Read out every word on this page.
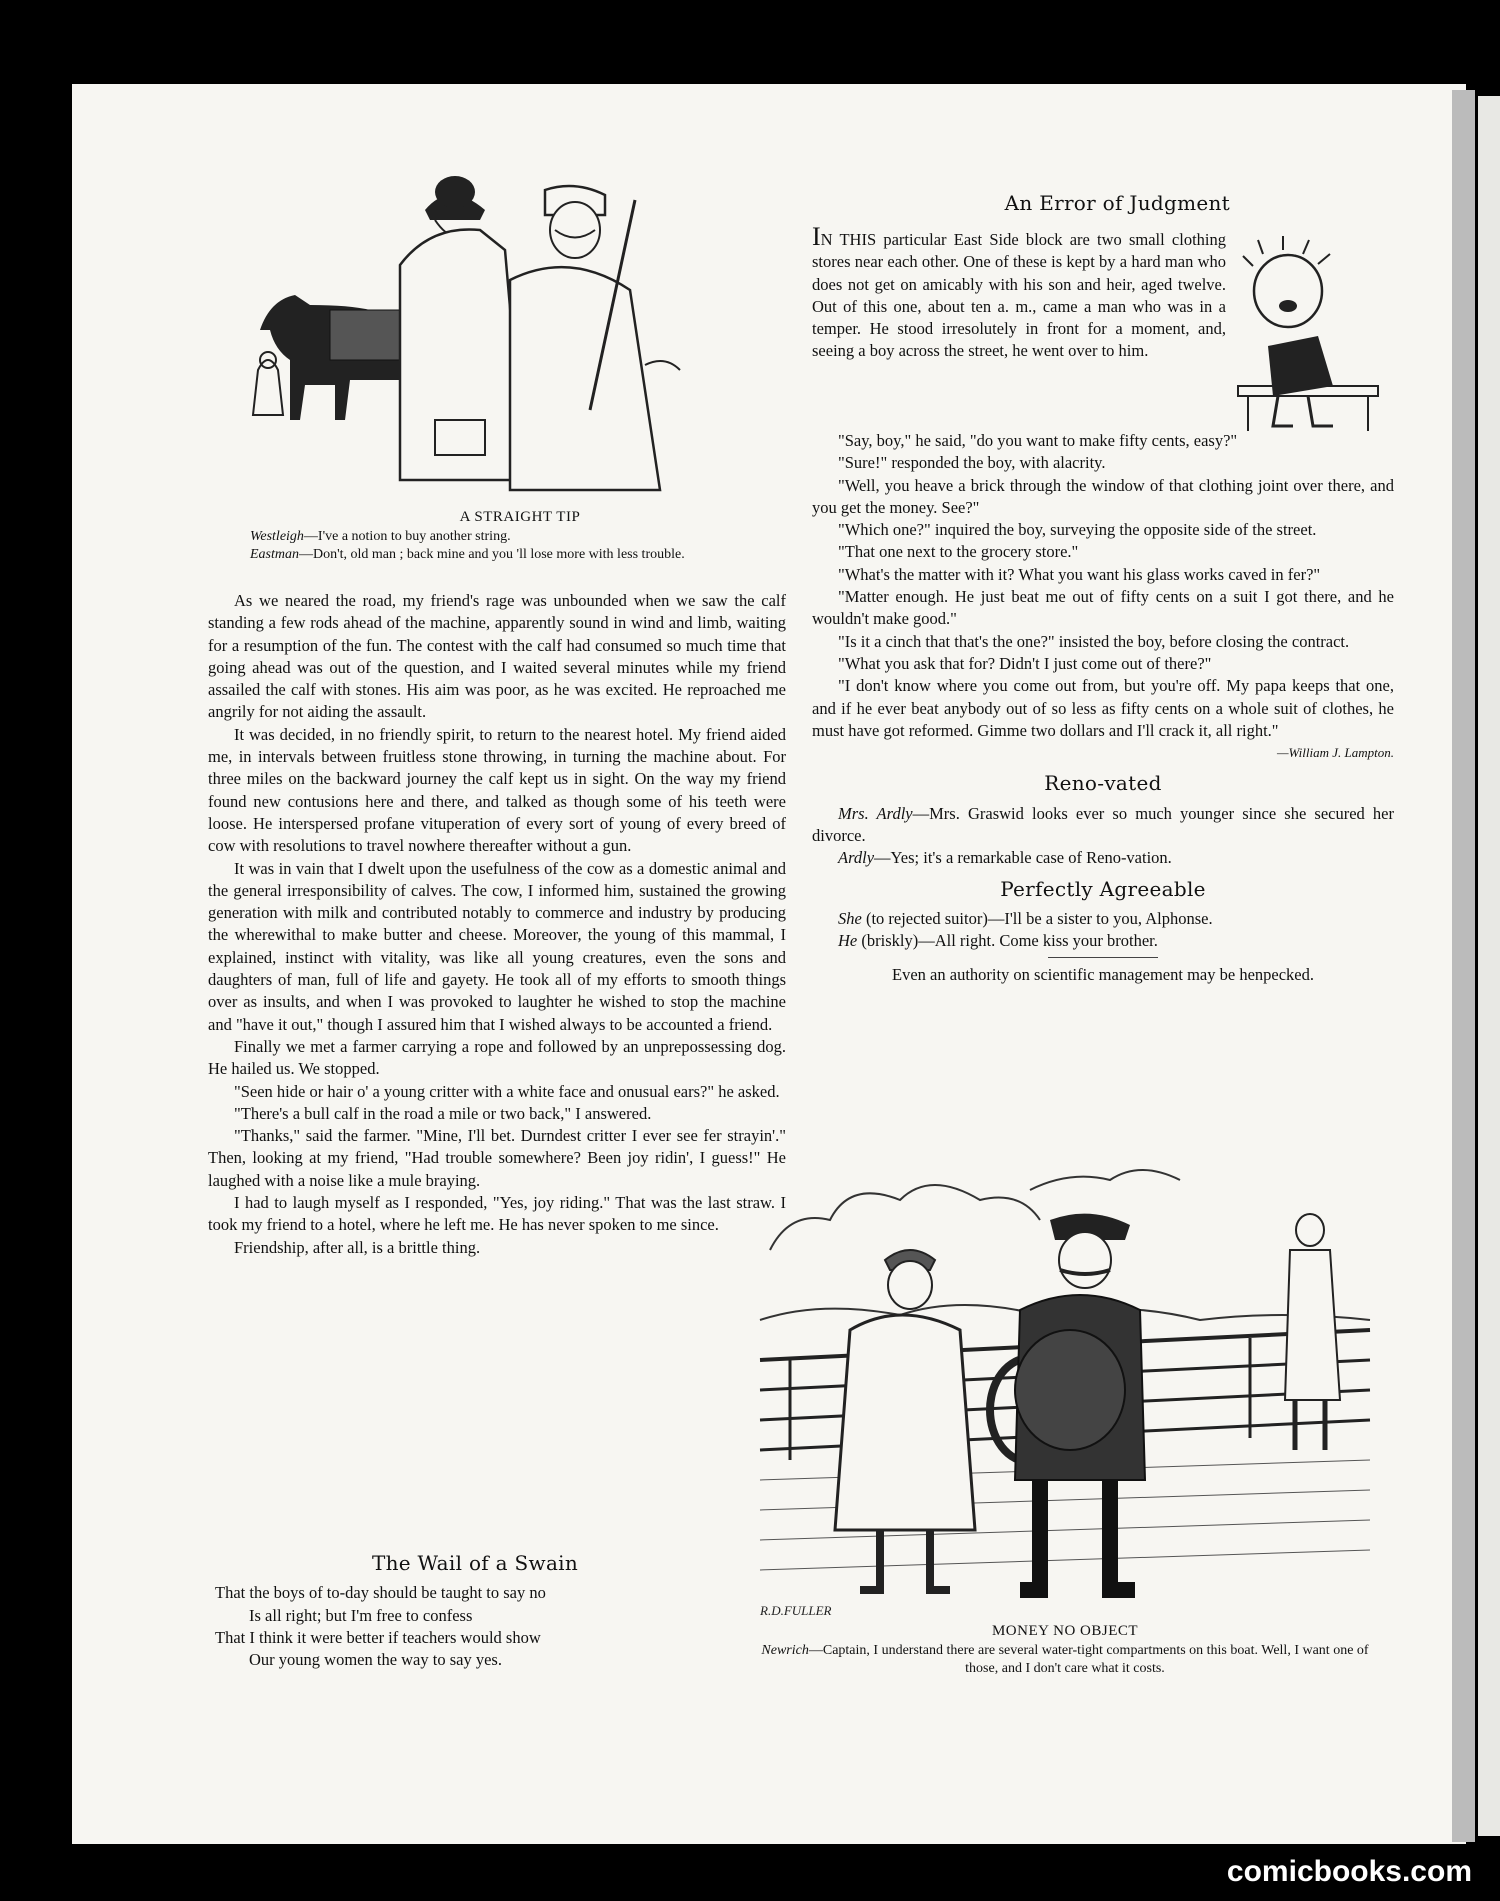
A STRAIGHT TIP
Westleigh—I've a notion to buy another string.
Eastman—Don't, old man ; back mine and you 'll lose more with less trouble.

As we neared the road, my friend's rage was unbounded when we saw the calf standing a few rods ahead of the machine, apparently sound in wind and limb, waiting for a resumption of the fun. The contest with the calf had consumed so much time that going ahead was out of the question, and I waited several minutes while my friend assailed the calf with stones. His aim was poor, as he was excited. He reproached me angrily for not aiding the assault.

It was decided, in no friendly spirit, to return to the nearest hotel. My friend aided me, in intervals between fruitless stone throwing, in turning the machine about. For three miles on the backward journey the calf kept us in sight. On the way my friend found new contusions here and there, and talked as though some of his teeth were loose. He interspersed profane vituperation of every sort of young of every breed of cow with resolutions to travel nowhere thereafter without a gun.

It was in vain that I dwelt upon the usefulness of the cow as a domestic animal and the general irresponsibility of calves. The cow, I informed him, sustained the growing generation with milk and contributed notably to commerce and industry by producing the wherewithal to make butter and cheese. Moreover, the young of this mammal, I explained, instinct with vitality, was like all young creatures, even the sons and daughters of man, full of life and gayety. He took all of my efforts to smooth things over as insults, and when I was provoked to laughter he wished to stop the machine and "have it out," though I assured him that I wished always to be accounted a friend.

Finally we met a farmer carrying a rope and followed by an unprepossessing dog. He hailed us. We stopped.

"Seen hide or hair o' a young critter with a white face and onusual ears?" he asked.

"There's a bull calf in the road a mile or two back," I answered.

"Thanks," said the farmer. "Mine, I'll bet. Durndest critter I ever see fer strayin'." Then, looking at my friend, "Had trouble somewhere? Been joy ridin', I guess!" He laughed with a noise like a mule braying.

I had to laugh myself as I responded, "Yes, joy riding." That was the last straw. I took my friend to a hotel, where he left me. He has never spoken to me since.

Friendship, after all, is a brittle thing.

The Wail of a Swain

That the boys of to-day should be taught to say no

Is all right; but I'm free to confess

That I think it were better if teachers would show

Our young women the way to say yes.

An Error of Judgment

IN THIS particular East Side block are two small clothing stores near each other. One of these is kept by a hard man who does not get on amicably with his son and heir, aged twelve. Out of this one, about ten a. m., came a man who was in a temper. He stood irresolutely in front for a moment, and, seeing a boy across the street, he went over to him.

"Say, boy," he said, "do you want to make fifty cents, easy?"

"Sure!" responded the boy, with alacrity.

"Well, you heave a brick through the window of that clothing joint over there, and you get the money. See?"

"Which one?" inquired the boy, surveying the opposite side of the street.

"That one next to the grocery store."

"What's the matter with it? What you want his glass works caved in fer?"

"Matter enough. He just beat me out of fifty cents on a suit I got there, and he wouldn't make good."

"Is it a cinch that that's the one?" insisted the boy, before closing the contract.

"What you ask that for? Didn't I just come out of there?"

"I don't know where you come out from, but you're off. My papa keeps that one, and if he ever beat anybody out of so less as fifty cents on a whole suit of clothes, he must have got reformed. Gimme two dollars and I'll crack it, all right."

—William J. Lampton.
Reno-vated

Mrs. Ardly—Mrs. Graswid looks ever so much younger since she secured her divorce.

Ardly—Yes; it's a remarkable case of Reno-vation.

Perfectly Agreeable

She (to rejected suitor)—I'll be a sister to you, Alphonse.

He (briskly)—All right. Come kiss your brother.

Even an authority on scientific management may be henpecked.

R.D.FULLER
MONEY NO OBJECT
Newrich—Captain, I understand there are several water-tight compartments on this boat. Well, I want one of those, and I don't care what it costs.
comicbooks.com
